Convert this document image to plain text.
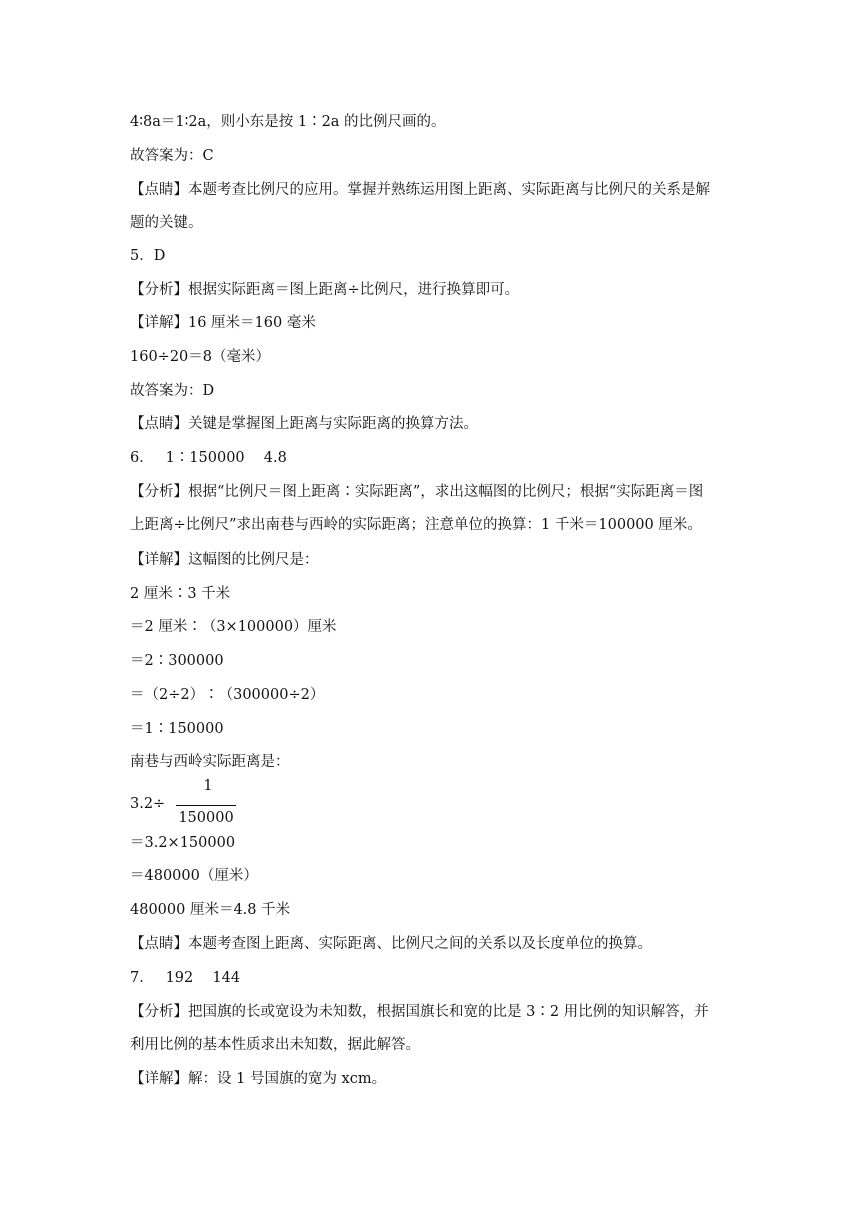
4∶8a＝1∶2a，则小东是按 1∶2a 的比例尺画的。
故答案为：C
【点睛】本题考查比例尺的应用。掌握并熟练运用图上距离、实际距离与比例尺的关系是解
题的关键。
5．D
【分析】根据实际距离＝图上距离÷比例尺，进行换算即可。
【详解】16 厘米＝160 毫米
160÷20＝8（毫米）
故答案为：D
【点睛】关键是掌握图上距离与实际距离的换算方法。
6．　 1∶150000　 4.8
【分析】根据“比例尺＝图上距离∶实际距离”，求出这幅图的比例尺；根据“实际距离＝图
上距离÷比例尺”求出南巷与西岭的实际距离；注意单位的换算：1 千米＝100000 厘米。
【详解】这幅图的比例尺是：
2 厘米∶3 千米
＝2 厘米∶（3×100000）厘米
＝2∶300000
＝（2÷2）∶（300000÷2）
＝1∶150000
南巷与西岭实际距离是：
3.2÷
1
150000
＝3.2×150000
＝480000（厘米）
480000 厘米＝4.8 千米
【点睛】本题考查图上距离、实际距离、比例尺之间的关系以及长度单位的换算。
7．　 192　 144
【分析】把国旗的长或宽设为未知数，根据国旗长和宽的比是 3∶2 用比例的知识解答，并
利用比例的基本性质求出未知数，据此解答。
【详解】解：设 1 号国旗的宽为 xcm。
